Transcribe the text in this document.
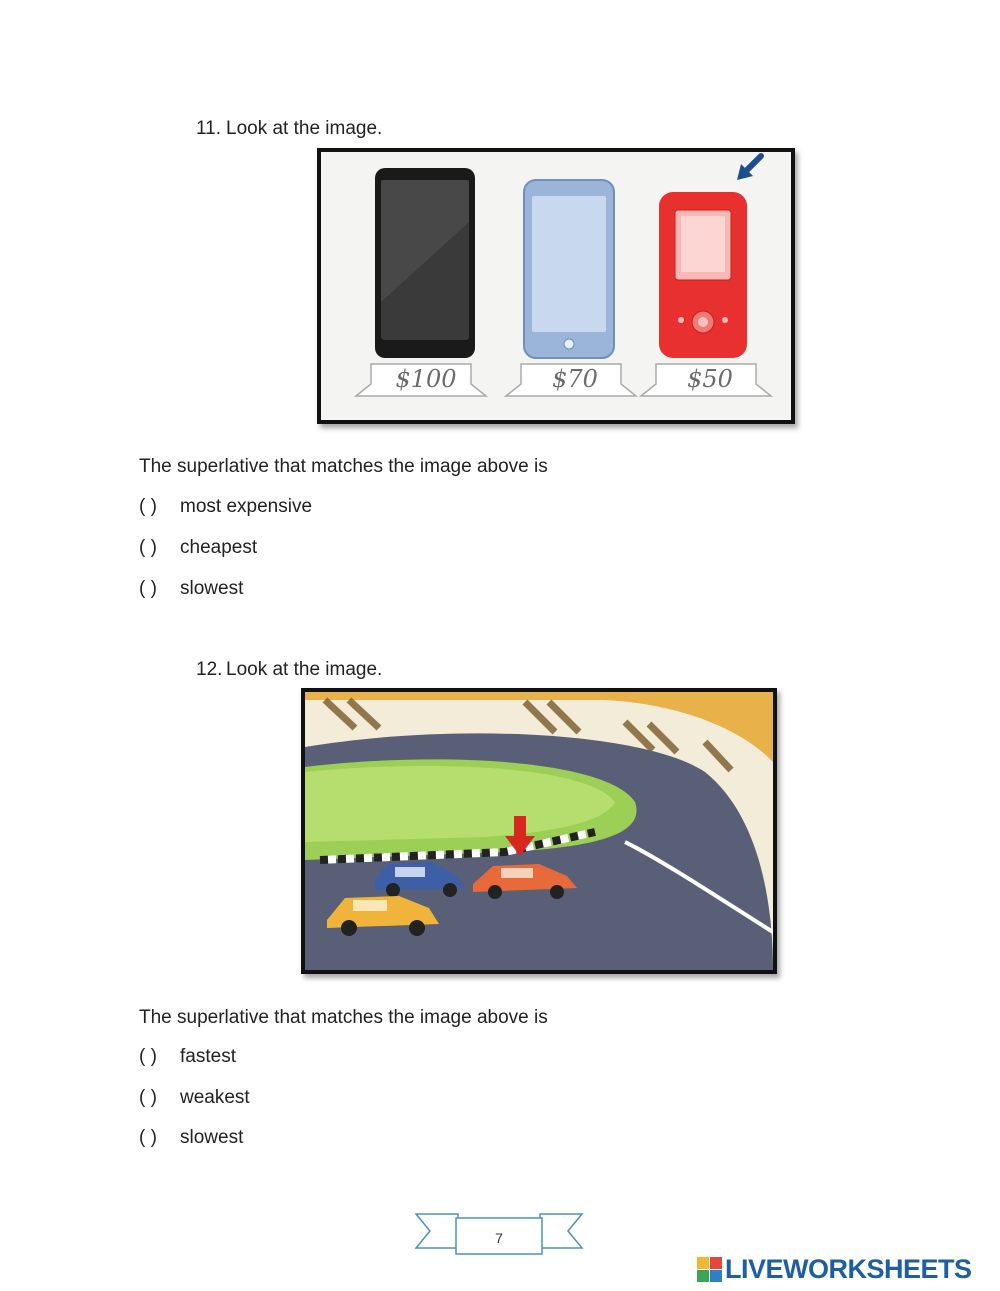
11. Look at the image.
$100	$70	$50
The superlative that matches the image above is
( ) most expensive
( ) cheapest
( ) slowest
12. Look at the image.
The superlative that matches the image above is
( ) fastest
( ) weakest
( ) slowest
7
LIVEWORKSHEETS
